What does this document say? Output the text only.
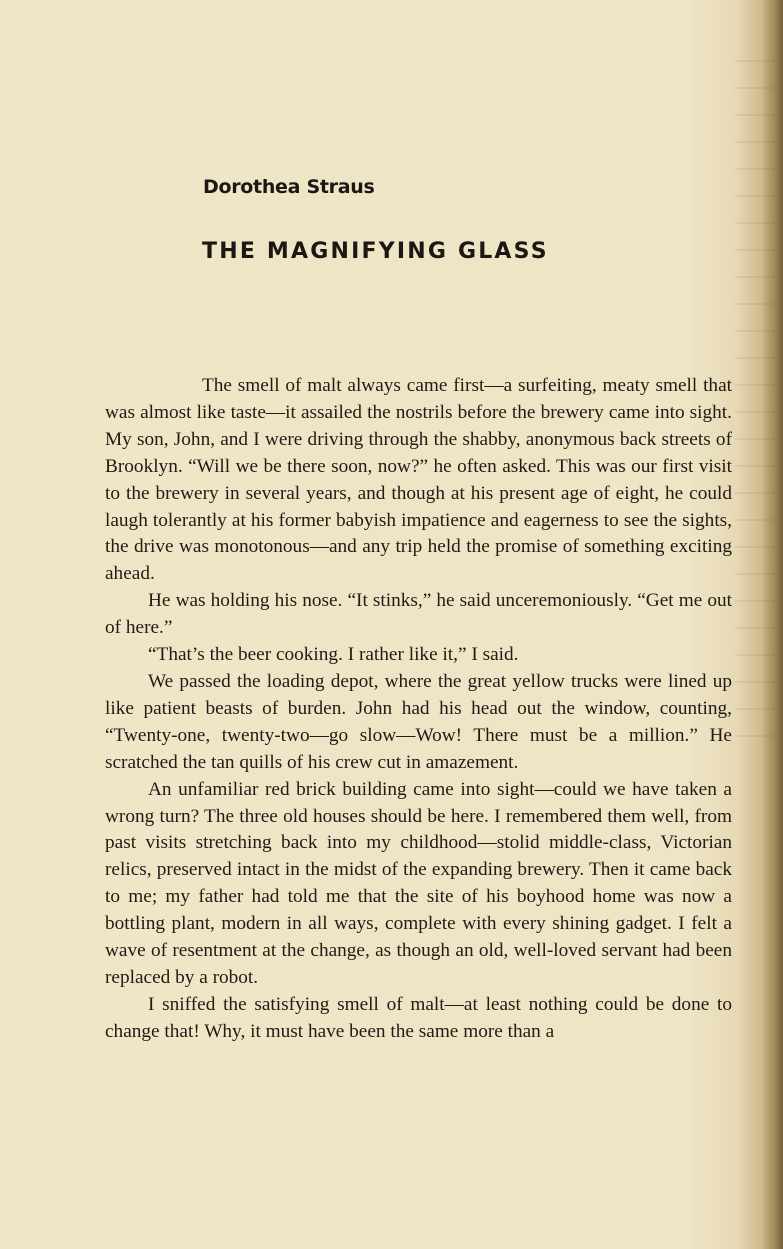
Dorothea Straus
THE MAGNIFYING GLASS

The smell of malt always came first—a surfeiting, meaty smell that was almost like taste—it assailed the nostrils before the brewery came into sight. My son, John, and I were driving through the shabby, anonymous back streets of Brooklyn. “Will we be there soon, now?” he often asked. This was our first visit to the brewery in several years, and though at his present age of eight, he could laugh tolerantly at his former babyish impatience and eagerness to see the sights, the drive was monotonous—and any trip held the promise of something exciting ahead.

He was holding his nose. “It stinks,” he said unceremoniously. “Get me out of here.”

“That’s the beer cooking. I rather like it,” I said.

We passed the loading depot, where the great yellow trucks were lined up like patient beasts of burden. John had his head out the window, counting, “Twenty-one, twenty-two—go slow—Wow! There must be a million.” He scratched the tan quills of his crew cut in amazement.

An unfamiliar red brick building came into sight—could we have taken a wrong turn? The three old houses should be here. I remembered them well, from past visits stretching back into my childhood—stolid middle-class, Victorian relics, preserved intact in the midst of the expanding brewery. Then it came back to me; my father had told me that the site of his boyhood home was now a bottling plant, modern in all ways, complete with every shining gadget. I felt a wave of resentment at the change, as though an old, well-loved servant had been replaced by a robot.

I sniffed the satisfying smell of malt—at least nothing could be done to change that! Why, it must have been the same more than a
